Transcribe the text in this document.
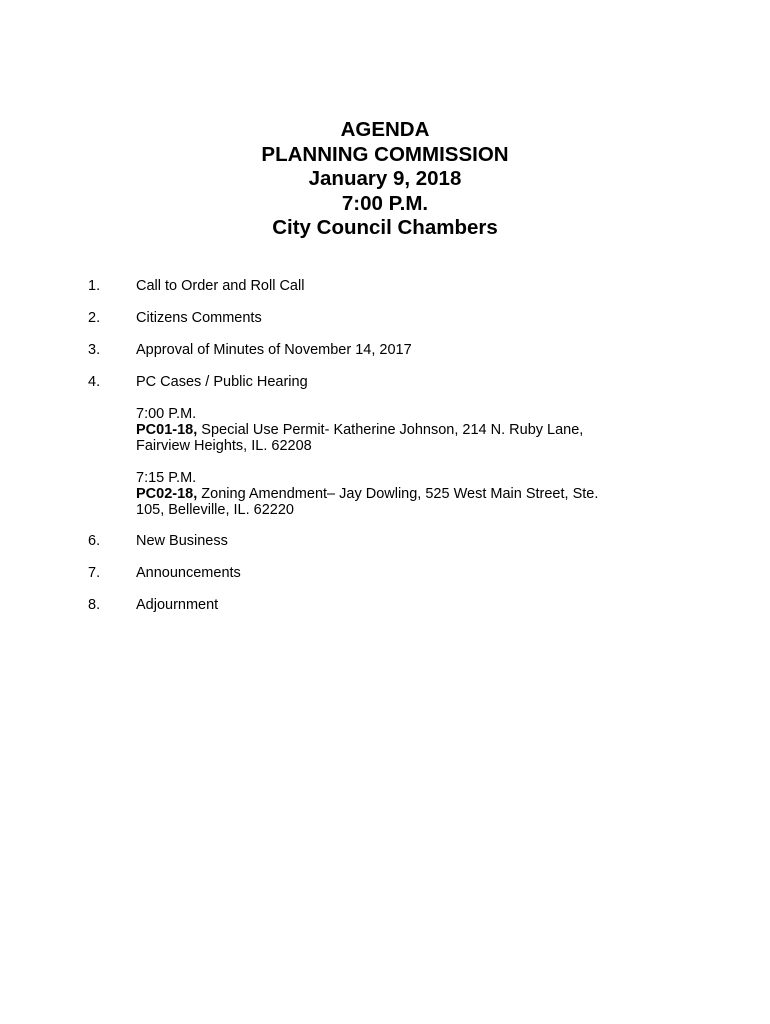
AGENDA
PLANNING COMMISSION
January 9, 2018
7:00 P.M.
City Council Chambers
1. Call to Order and Roll Call
2. Citizens Comments
3. Approval of Minutes of November 14, 2017
4. PC Cases / Public Hearing
7:00 P.M.
PC01-18, Special Use Permit- Katherine Johnson, 214 N. Ruby Lane,
Fairview Heights, IL. 62208
7:15 P.M.
PC02-18, Zoning Amendment– Jay Dowling, 525 West Main Street, Ste.
105, Belleville, IL. 62220
6. New Business
7. Announcements
8. Adjournment
